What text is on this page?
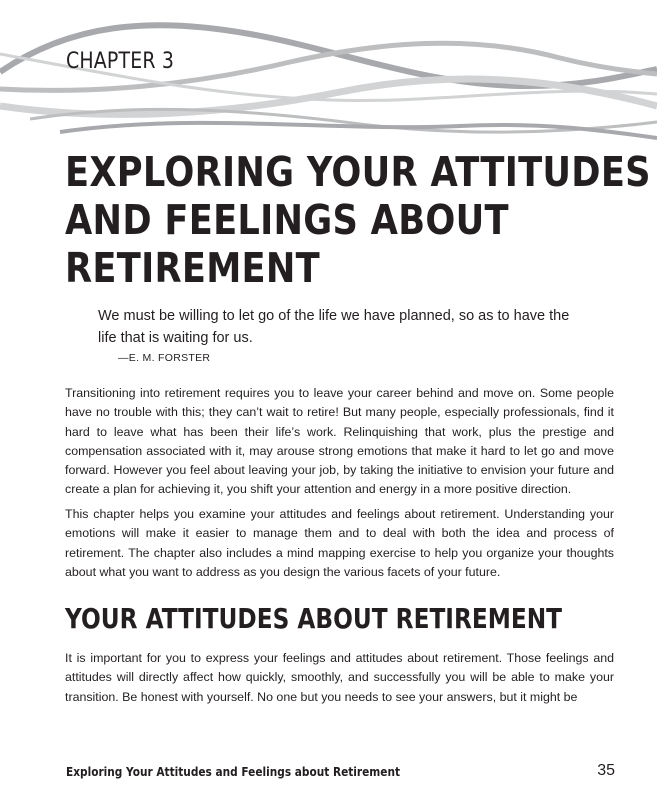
CHAPTER 3
EXPLORING YOUR ATTITUDES
AND FEELINGS ABOUT
RETIREMENT
We must be willing to let go of the life we have planned, so as to have the
life that is waiting for us.
—E. M. FORSTER

Transitioning into retirement requires you to leave your career behind and move on. Some people have no trouble with this; they can’t wait to retire! But many people, especially professionals, find it hard to leave what has been their life’s work. Relinquishing that work, plus the prestige and compensation associated with it, may arouse strong emotions that make it hard to let go and move forward. However you feel about leaving your job, by taking the initiative to envision your future and create a plan for achieving it, you shift your attention and energy in a more positive direction.

This chapter helps you examine your attitudes and feelings about retirement. Understanding your emotions will make it easier to manage them and to deal with both the idea and process of retirement. The chapter also includes a mind mapping exercise to help you organize your thoughts about what you want to address as you design the various facets of your future.

YOUR ATTITUDES ABOUT RETIREMENT

It is important for you to express your feelings and attitudes about retirement. Those feelings and attitudes will directly affect how quickly, smoothly, and successfully you will be able to make your transition. Be honest with yourself. No one but you needs to see your answers, but it might be

Exploring Your Attitudes and Feelings about Retirement	35
